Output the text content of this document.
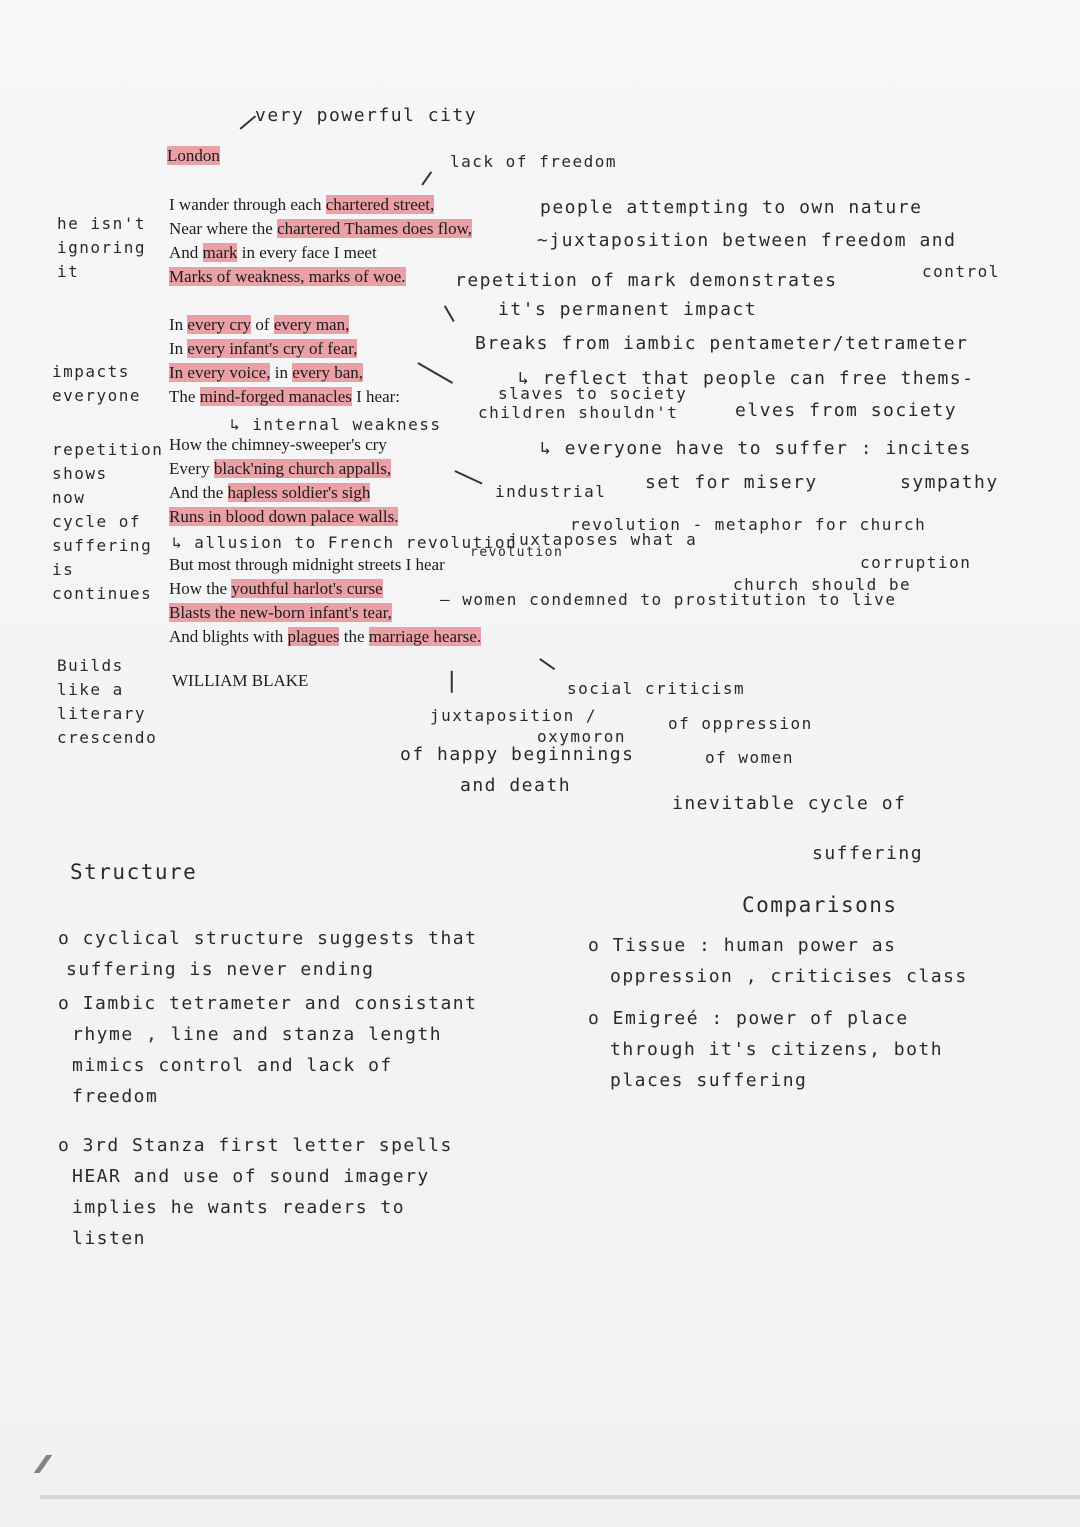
London
I wander through each chartered street,
Near where the chartered Thames does flow,
And mark in every face I meet
Marks of weakness, marks of woe.
In every cry of every man,
In every infant's cry of fear,
In every voice, in every ban,
The mind-forged manacles I hear:
How the chimney-sweeper's cry
Every black'ning church appalls,
And the hapless soldier's sigh
Runs in blood down palace walls.
But most through midnight streets I hear
How the youthful harlot's curse
Blasts the new-born infant's tear,
And blights with plagues the marriage hearse.
WILLIAM BLAKE
very powerful city
lack of freedom
people attempting to own nature
~juxtaposition between freedom and
control
repetition of mark demonstrates
it's permanent impact
Breaks from iambic pentameter/tetrameter
↳ reflect that people can free thems-
slaves to society
elves from society
children shouldn't
↳ internal weakness
↳ everyone have to suffer : incites
set for misery	sympathy
industrial
revolution - metaphor for church
juxtaposes what a
revolution
corruption
church should be
↳ allusion to French revolution
— women condemned to prostitution to live
social criticism
of oppression
of women
juxtaposition /
oxymoron
of happy beginnings
and death
inevitable cycle of
suffering
he isn't
ignoring
it
impacts
everyone
repetition
shows
now
cycle of
suffering
is
continues
Builds
like a
literary
crescendo
Structure
o cyclical structure suggests that
suffering is never ending
o Iambic tetrameter and consistant
rhyme , line and stanza length
mimics control and lack of
freedom
o 3rd Stanza first letter spells
HEAR and use of sound imagery
implies he wants readers to
listen
Comparisons
o Tissue : human power as
oppression , criticises class
o Emigreé : power of place
through it's citizens, both
places suffering
